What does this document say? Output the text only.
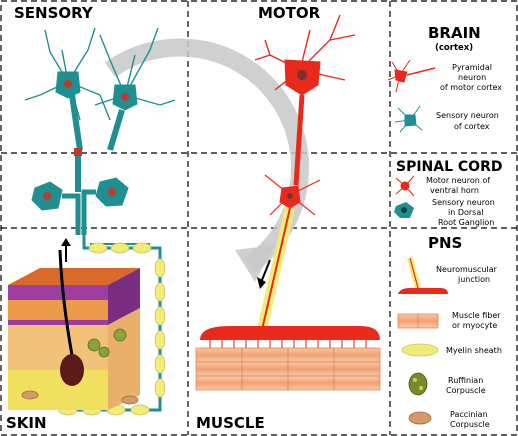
SENSORY	MOTOR
SKIN	MUSCLE
BRAIN
(cortex)
Pyramidal
neuron
of motor cortex
Sensory neuron
of cortex
SPINAL CORD
Motor neuron of
ventral horn
Sensory neuron
in Dorsal
Root Ganglion
PNS
Neuromuscular
junction
Muscle fiber
or myocyte
Myelin sheath
Ruffinian
Corpuscle
Paccinian
Corpuscle
